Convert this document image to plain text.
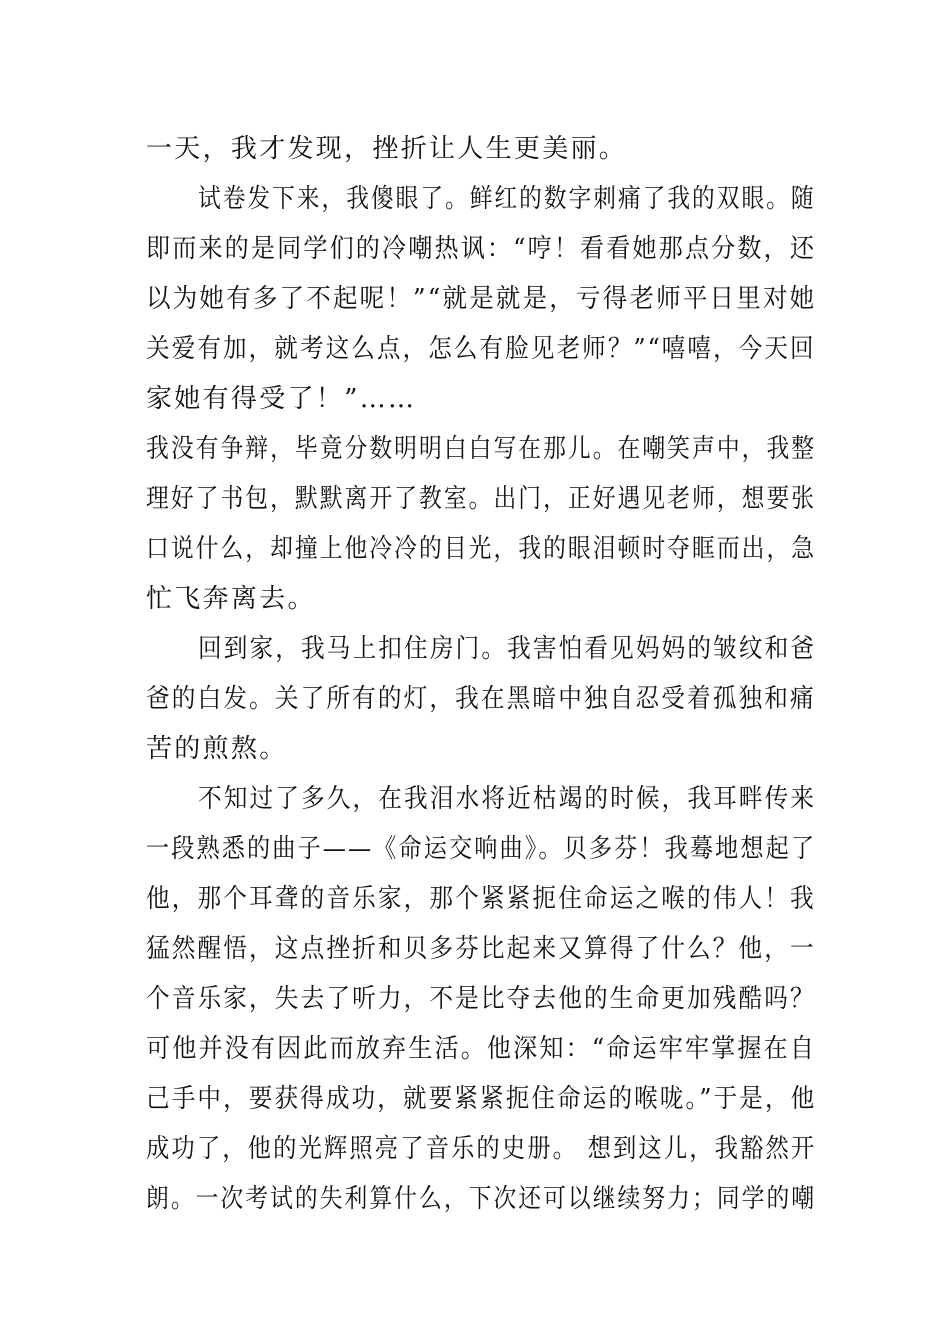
一天，我才发现，挫折让人生更美丽。
试卷发下来，我傻眼了。鲜红的数字刺痛了我的双眼。随
即而来的是同学们的冷嘲热讽：“哼！看看她那点分数，还
以为她有多了不起呢！”“就是就是，亏得老师平日里对她
关爱有加，就考这么点，怎么有脸见老师？”“嘻嘻，今天回
家她有得受了！”……
我没有争辩，毕竟分数明明白白写在那儿。在嘲笑声中，我整
理好了书包，默默离开了教室。出门，正好遇见老师，想要张
口说什么，却撞上他冷冷的目光，我的眼泪顿时夺眶而出，急
忙飞奔离去。
回到家，我马上扣住房门。我害怕看见妈妈的皱纹和爸
爸的白发。关了所有的灯，我在黑暗中独自忍受着孤独和痛
苦的煎熬。
不知过了多久，在我泪水将近枯竭的时候，我耳畔传来
一段熟悉的曲子——《命运交响曲》。贝多芬！我蓦地想起了
他，那个耳聋的音乐家，那个紧紧扼住命运之喉的伟人！我
猛然醒悟，这点挫折和贝多芬比起来又算得了什么？他，一
个音乐家，失去了听力，不是比夺去他的生命更加残酷吗？
可他并没有因此而放弃生活。他深知：“命运牢牢掌握在自
己手中，要获得成功，就要紧紧扼住命运的喉咙。”于是，他
成功了，他的光辉照亮了音乐的史册。 想到这儿，我豁然开
朗。一次考试的失利算什么，下次还可以继续努力；同学的嘲
